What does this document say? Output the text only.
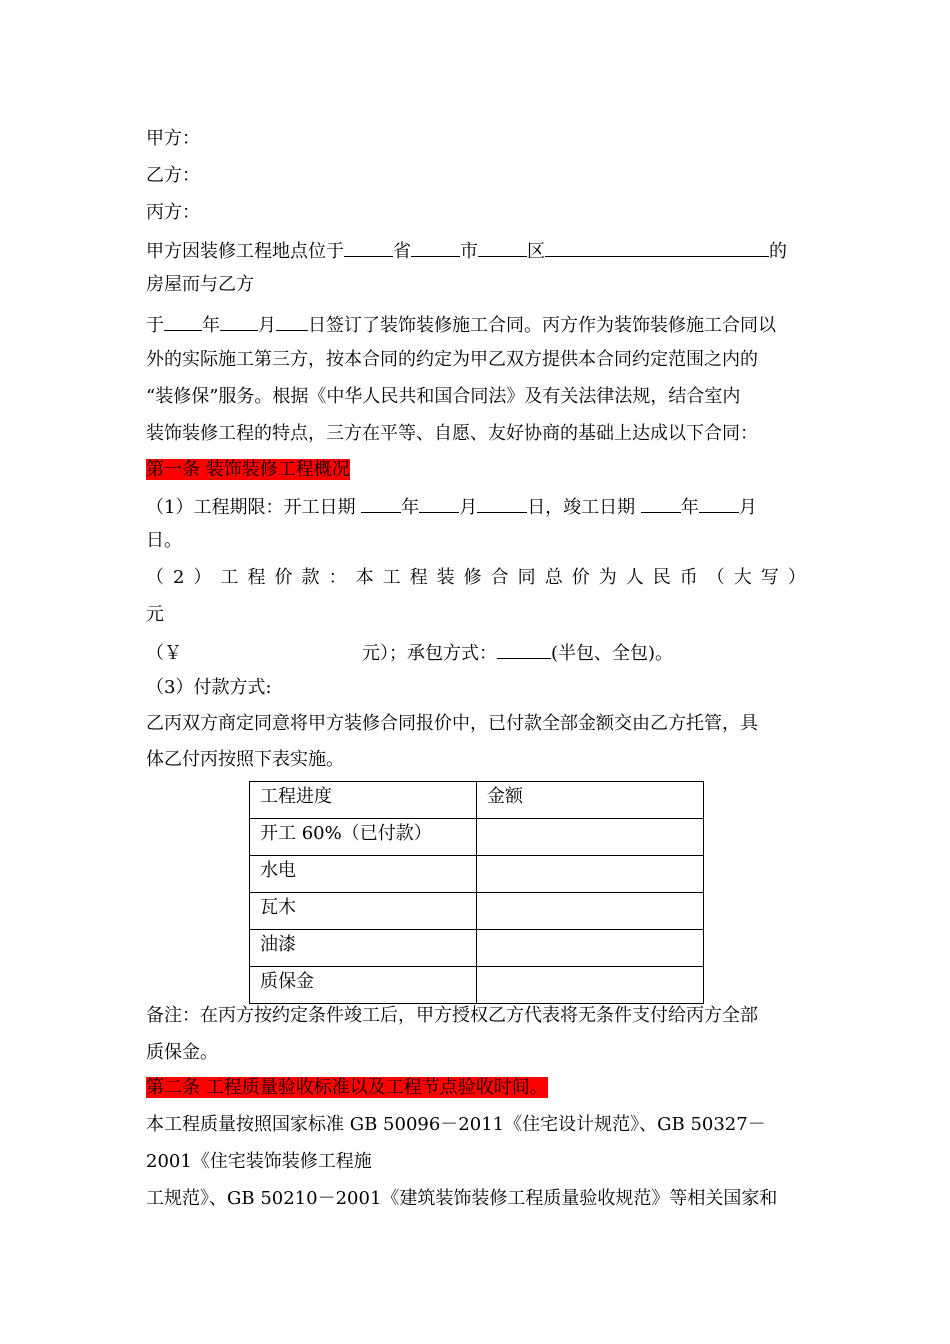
甲方：
乙方：
丙方：
甲方因装修工程地点位于	省	市	区	的
房屋而与乙方
于 年 月 日签订了装饰装修施工合同。丙方作为装饰装修施工合同以
外的实际施工第三方，按本合同的约定为甲乙双方提供本合同约定范围之内的
“装修保”服务。根据《中华人民共和国合同法》及有关法律法规，结合室内
装饰装修工程的特点，三方在平等、自愿、友好协商的基础上达成以下合同：
第一条 装饰装修工程概况
（1）工程期限：开工日期 年 月	日，竣工日期 年 月
日。
（ 2 ） 工 程 价 款 ： 本 工 程 装 修 合 同 总 价 为 人 民 币 （ 大 写 ）
元
（￥	元）；承包方式：	(半包、全包)。
（3）付款方式:
乙丙双方商定同意将甲方装修合同报价中，已付款全部金额交由乙方托管，具
体乙付丙按照下表实施。
工程进度	金额
开工 60%（已付款）	
水电	
瓦木	
油漆	
质保金	
备注：在丙方按约定条件竣工后，甲方授权乙方代表将无条件支付给丙方全部
质保金。
第二条 工程质量验收标准以及工程节点验收时间。
本工程质量按照国家标准 GB 50096－2011《住宅设计规范》、GB 50327－
2001《住宅装饰装修工程施
工规范》、GB 50210－2001《建筑装饰装修工程质量验收规范》等相关国家和
